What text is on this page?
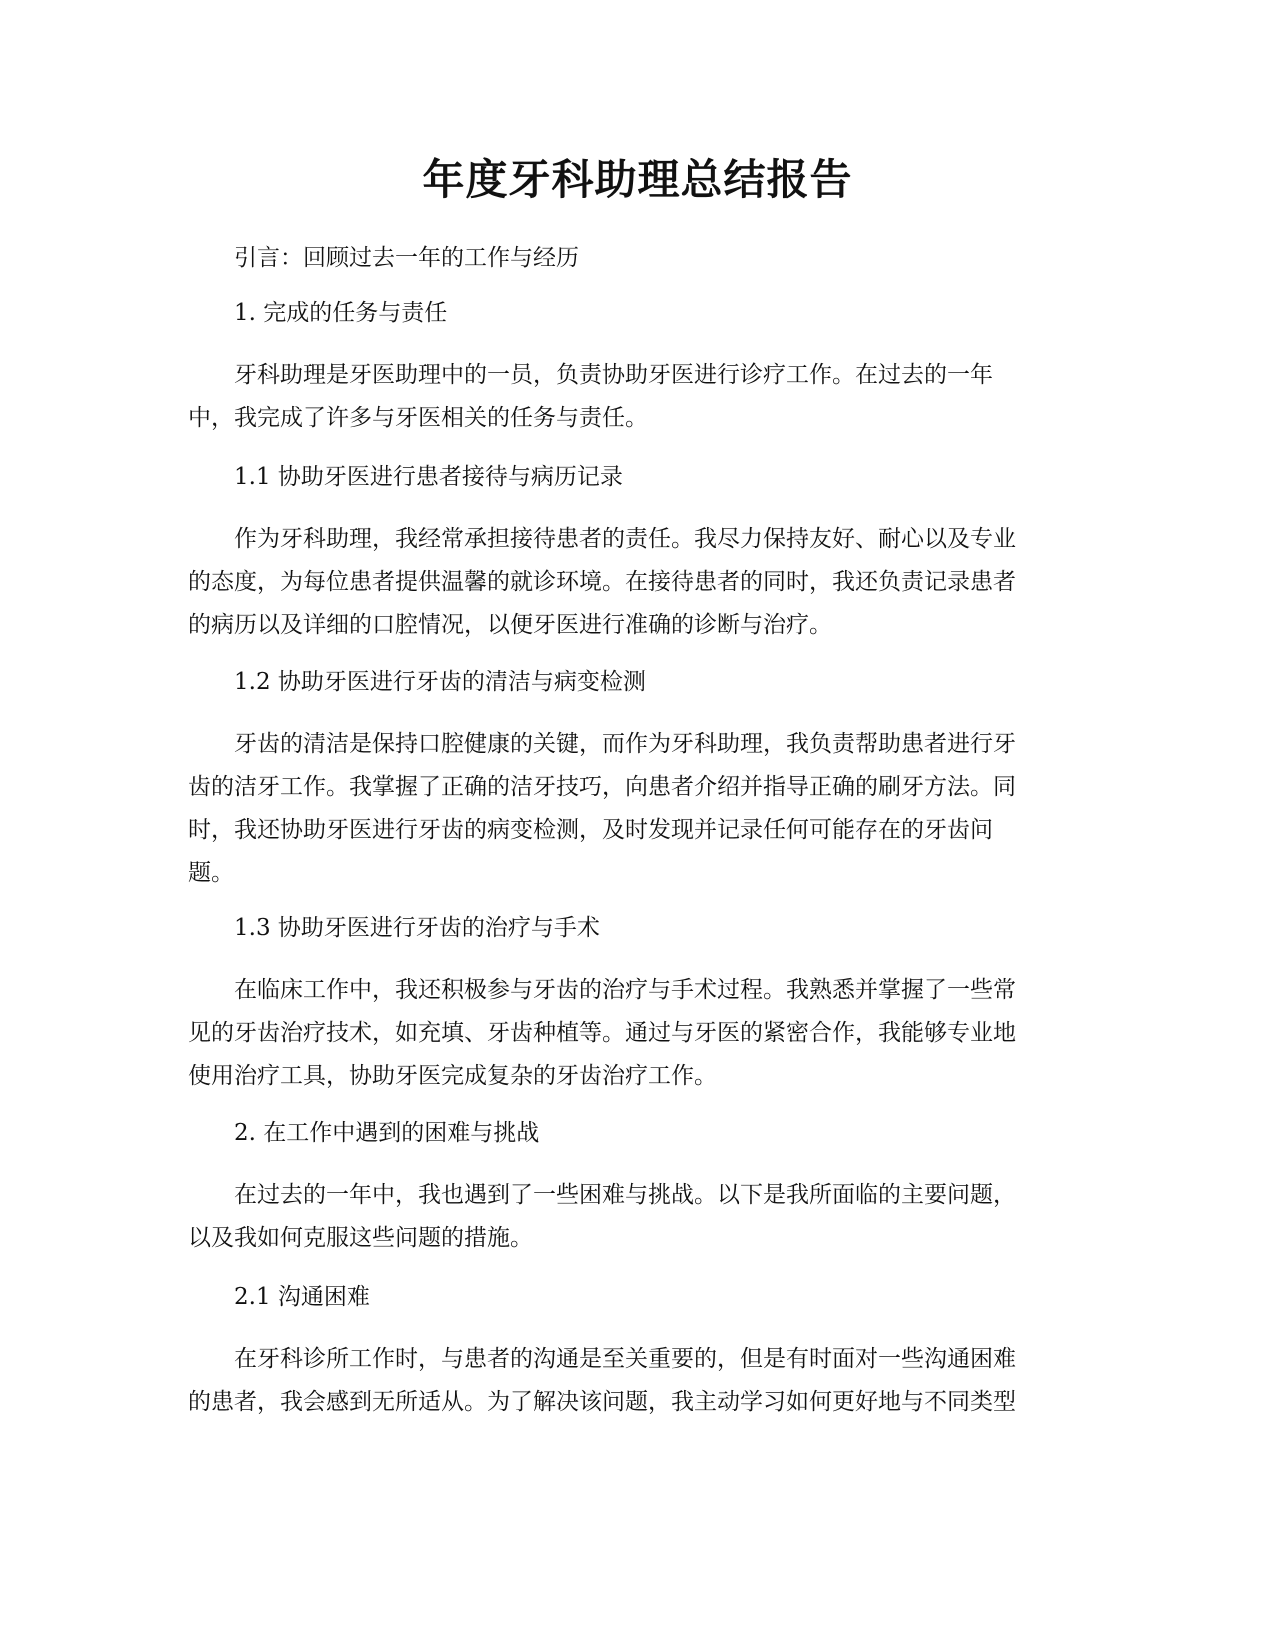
年度牙科助理总结报告

引言：回顾过去一年的工作与经历

1. 完成的任务与责任

牙科助理是牙医助理中的一员，负责协助牙医进行诊疗工作。在过去的一年
中，我完成了许多与牙医相关的任务与责任。

1.1 协助牙医进行患者接待与病历记录

作为牙科助理，我经常承担接待患者的责任。我尽力保持友好、耐心以及专业
的态度，为每位患者提供温馨的就诊环境。在接待患者的同时，我还负责记录患者
的病历以及详细的口腔情况，以便牙医进行准确的诊断与治疗。

1.2 协助牙医进行牙齿的清洁与病变检测

牙齿的清洁是保持口腔健康的关键，而作为牙科助理，我负责帮助患者进行牙
齿的洁牙工作。我掌握了正确的洁牙技巧，向患者介绍并指导正确的刷牙方法。同
时，我还协助牙医进行牙齿的病变检测，及时发现并记录任何可能存在的牙齿问
题。

1.3 协助牙医进行牙齿的治疗与手术

在临床工作中，我还积极参与牙齿的治疗与手术过程。我熟悉并掌握了一些常
见的牙齿治疗技术，如充填、牙齿种植等。通过与牙医的紧密合作，我能够专业地
使用治疗工具，协助牙医完成复杂的牙齿治疗工作。

2. 在工作中遇到的困难与挑战

在过去的一年中，我也遇到了一些困难与挑战。以下是我所面临的主要问题，
以及我如何克服这些问题的措施。

2.1 沟通困难

在牙科诊所工作时，与患者的沟通是至关重要的，但是有时面对一些沟通困难
的患者，我会感到无所适从。为了解决该问题，我主动学习如何更好地与不同类型
